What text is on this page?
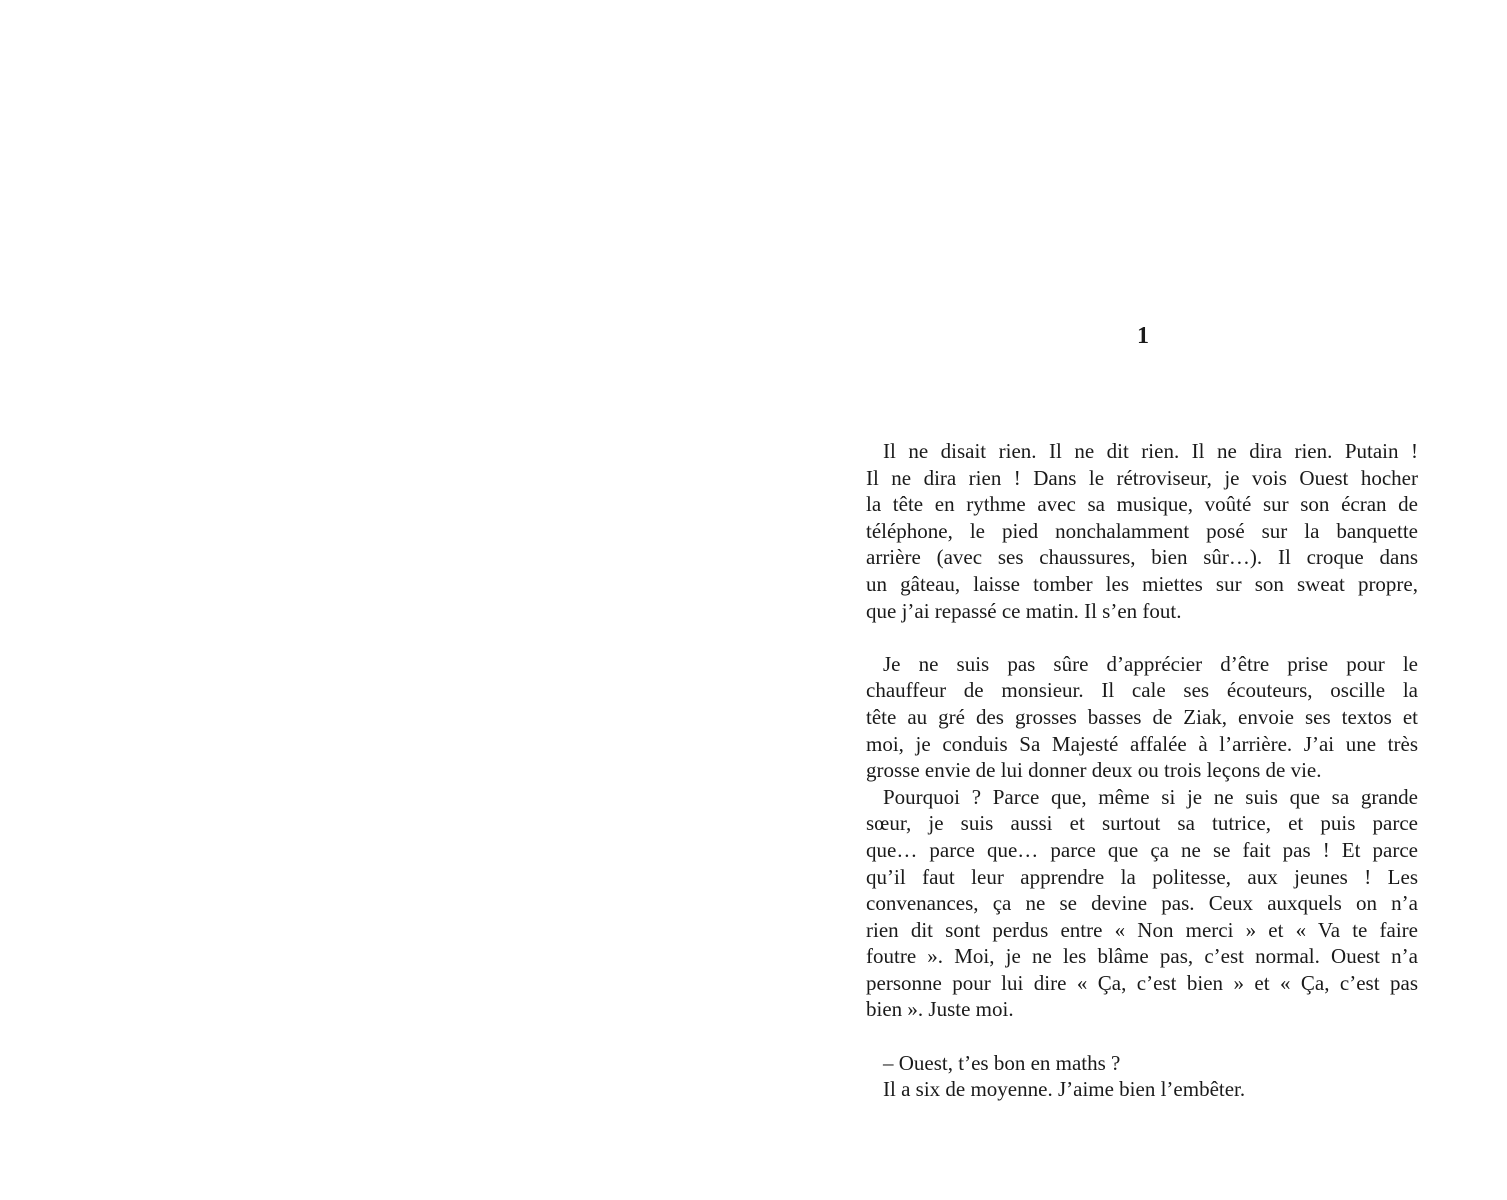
1
Il ne disait rien. Il ne dit rien. Il ne dira rien. Putain !
Il ne dira rien ! Dans le rétroviseur, je vois Ouest hocher
la tête en rythme avec sa musique, voûté sur son écran de
téléphone, le pied nonchalamment posé sur la banquette
arrière (avec ses chaussures, bien sûr…). Il croque dans
un gâteau, laisse tomber les miettes sur son sweat propre,
que j’ai repassé ce matin. Il s’en fout.
Je ne suis pas sûre d’apprécier d’être prise pour le
chauffeur de monsieur. Il cale ses écouteurs, oscille la
tête au gré des grosses basses de Ziak, envoie ses textos et
moi, je conduis Sa Majesté affalée à l’arrière. J’ai une très
grosse envie de lui donner deux ou trois leçons de vie.
Pourquoi ? Parce que, même si je ne suis que sa grande
sœur, je suis aussi et surtout sa tutrice, et puis parce
que… parce que… parce que ça ne se fait pas ! Et parce
qu’il faut leur apprendre la politesse, aux jeunes ! Les
convenances, ça ne se devine pas. Ceux auxquels on n’a
rien dit sont perdus entre « Non merci » et « Va te faire
foutre ». Moi, je ne les blâme pas, c’est normal. Ouest n’a
personne pour lui dire « Ça, c’est bien » et « Ça, c’est pas
bien ». Juste moi.
– Ouest, t’es bon en maths ?
Il a six de moyenne. J’aime bien l’embêter.
